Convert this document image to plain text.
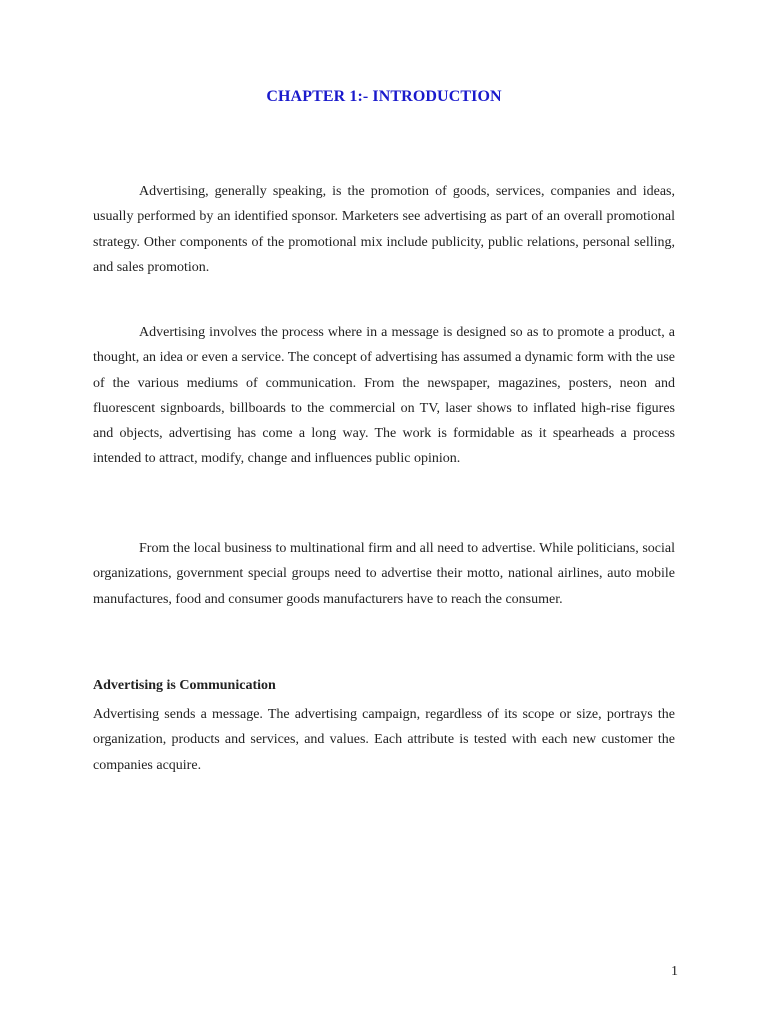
CHAPTER 1:- INTRODUCTION

Advertising, generally speaking, is the promotion of goods, services, companies and ideas, usually performed by an identified sponsor. Marketers see advertising as part of an overall promotional strategy. Other components of the promotional mix include publicity, public relations, personal selling, and sales promotion.

Advertising involves the process where in a message is designed so as to promote a product, a thought, an idea or even a service. The concept of advertising has assumed a dynamic form with the use of the various mediums of communication. From the newspaper, magazines, posters, neon and fluorescent signboards, billboards to the commercial on TV, laser shows to inflated high-rise figures and objects, advertising has come a long way. The work is formidable as it spearheads a process intended to attract, modify, change and influences public opinion.

From the local business to multinational firm and all need to advertise. While politicians, social organizations, government special groups need to advertise their motto, national airlines, auto mobile manufactures, food and consumer goods manufacturers have to reach the consumer.

Advertising is Communication

Advertising sends a message. The advertising campaign, regardless of its scope or size, portrays the organization, products and services, and values. Each attribute is tested with each new customer the companies acquire.

1
